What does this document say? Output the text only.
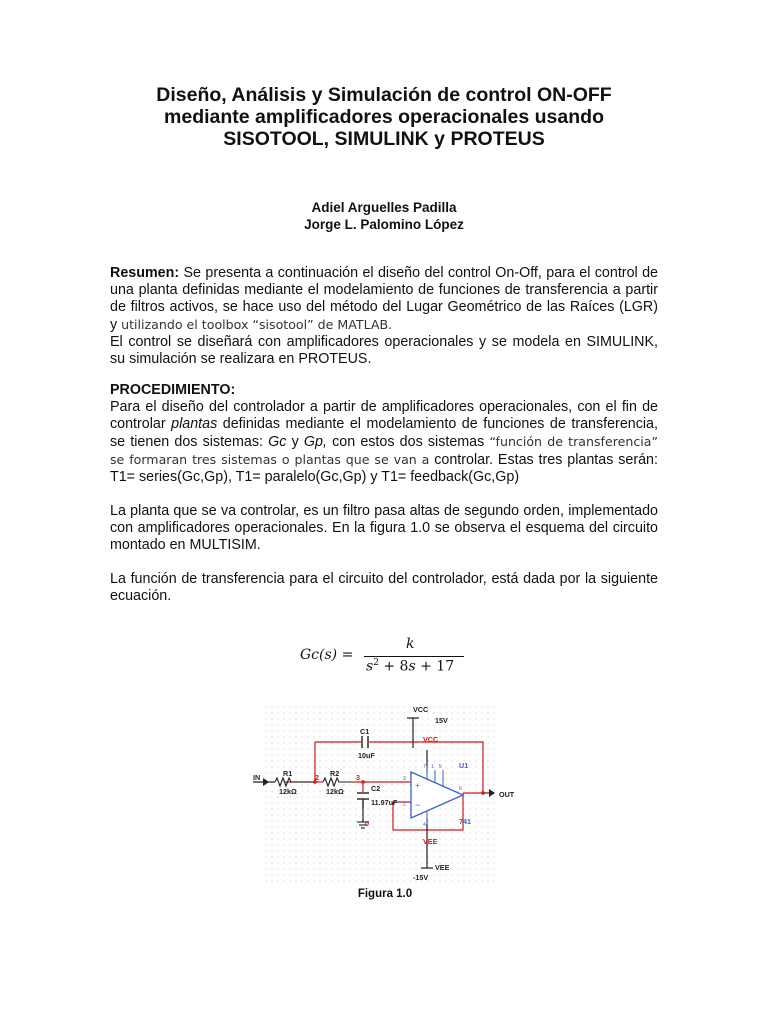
Diseño, Análisis y Simulación de control ON-OFF
mediante amplificadores operacionales usando
SISOTOOL, SIMULINK y PROTEUS
Adiel Arguelles Padilla
Jorge L. Palomino López

Resumen: Se presenta a continuación el diseño del control On-Off, para el control de una planta definidas mediante el modelamiento de funciones de transferencia a partir de filtros activos, se hace uso del método del Lugar Geométrico de las Raíces (LGR) y utilizando el toolbox “sisotool” de MATLAB.

El control se diseñará con amplificadores operacionales y se modela en SIMULINK, su simulación se realizara en PROTEUS.

PROCEDIMIENTO:

Para el diseño del controlador a partir de amplificadores operacionales, con el fin de controlar plantas definidas mediante el modelamiento de funciones de transferencia, se tienen dos sistemas: Gc y Gp, con estos dos sistemas “función de transferencia” se formaran tres sistemas o plantas que se van a controlar. Estas tres plantas serán: T1= series(Gc,Gp), T1= paralelo(Gc,Gp) y T1= feedback(Gc,Gp)

La planta que se va controlar, es un filtro pasa altas de segundo orden, implementado con amplificadores operacionales. En la figura 1.0 se observa el esquema del circuito montado en MULTISIM.

La función de transferencia para el circuito del controlador, está dada por la siguiente ecuación.

Gc(s) =
k
$s^2 + 8s + 17$
+
−
VCC
15V
C1
10uF
VCC
U1
IN	R1
12kΩ
2 R2
12kΩ
3
C2
11.97uF
0
OUT
741
VEE
VEE
-15V
7 1 5
3
2
6
4
Figura 1.0
